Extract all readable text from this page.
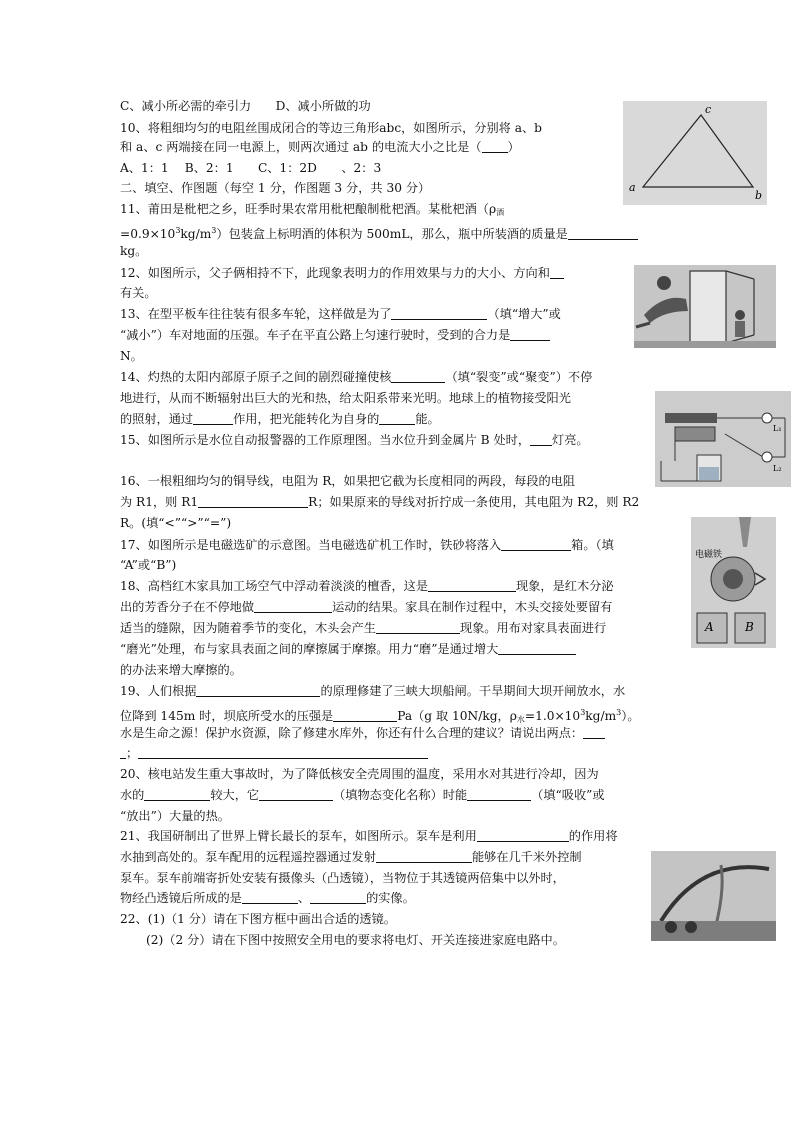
c
a
b
L₁
L₂
电磁铁
A	B
C、减小所必需的牵引力　　D、减小所做的功
10、将粗细均匀的电阻丝围成闭合的等边三角形abc，如图所示，分别将 a、b
和 a、c 两端接在同一电源上，则两次通过 ab 的电流大小之比是（ ）
A、1：1　 B、2：1　　C、1：2D　　、2：3
二、填空、作图题（每空 1 分，作图题 3 分，共 30 分）
11、莆田是枇杷之乡，旺季时果农常用枇杷酿制枇杷酒。某枇杷酒（$\rho_酒$
$=0.9\times 10^3kg/m^3$）包装盒上标明酒的体积为 500mL，那么，瓶中所装酒的质量是
kg。
12、如图所示，父子俩相持不下，此现象表明力的作用效果与力的大小、方向和
有关。
13、在型平板车往往装有很多车轮，这样做是为了	（填“增大”或
“减小”）车对地面的压强。车子在平直公路上匀速行驶时，受到的合力是
N。
14、灼热的太阳内部原子原子之间的剧烈碰撞使核	（填“裂变”或“聚变”）不停
地进行，从而不断辐射出巨大的光和热，给太阳系带来光明。地球上的植物接受阳光
的照射，通过	作用，把光能转化为自身的	能。
15、如图所示是水位自动报警器的工作原理图。当水位升到金属片 B 处时， 灯亮。
16、一根粗细均匀的铜导线，电阻为 R，如果把它截为长度相同的两段，每段的电阻
为 R1，则 R1	R；如果原来的导线对折拧成一条使用，其电阻为 R2，则 R2
R。(填“<”“>”“=”)
17、如图所示是电磁选矿的示意图。当电磁选矿机工作时，铁砂将落入	箱。（填
“A”或“B”)
18、高档红木家具加工场空气中浮动着淡淡的檀香，这是	现象，是红木分泌
出的芳香分子在不停地做	运动的结果。家具在制作过程中，木头交接处要留有
适当的缝隙，因为随着季节的变化，木头会产生	现象。用布对家具表面进行
“磨光”处理，布与家具表面之间的摩擦属于摩擦。用力“磨”是通过增大
的办法来增大摩擦的。
19、人们根据	的原理修建了三峡大坝船闸。干旱期间大坝开闸放水，水
位降到 145m 时，坝底所受水的压强是	Pa（g 取 10N/kg，$\rho_水=1.0\times 10^3kg/m^3$）。
水是生命之源！保护水资源，除了修建水库外，你还有什么合理的建议？请说出两点：
；
20、核电站发生重大事故时，为了降低核安全壳周围的温度，采用水对其进行冷却，因为
水的	较大，它	（填物态变化名称）时能	（填“吸收”或
“放出”）大量的热。
21、我国研制出了世界上臂长最长的泵车，如图所示。泵车是利用	的作用将
水抽到高处的。泵车配用的远程遥控器通过发射	能够在几千米外控制
泵车。泵车前端寄折处安装有摄像头（凸透镜），当物位于其透镜两倍集中以外时，
物经凸透镜后所成的是	、	的实像。
22、(1)（1 分）请在下图方框中画出合适的透镜。
(2)（2 分）请在下图中按照安全用电的要求将电灯、开关连接进家庭电路中。
